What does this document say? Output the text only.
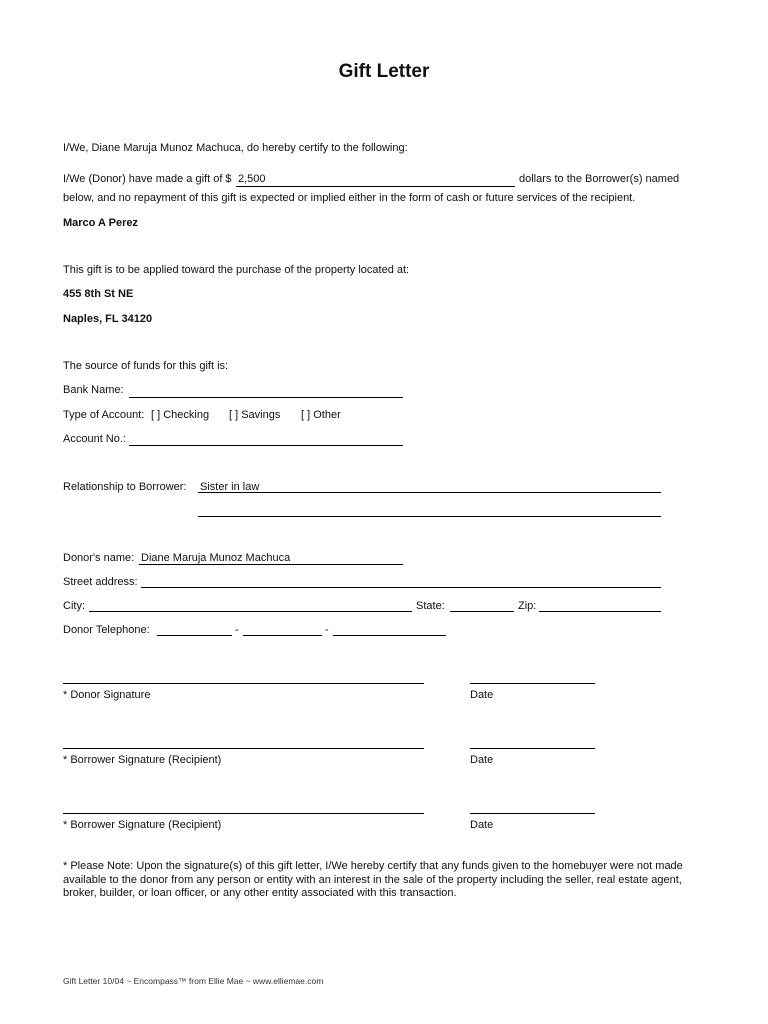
Gift Letter
I/We, Diane Maruja Munoz Machuca, do hereby certify to the following:
I/We (Donor) have made a gift of $ 2,500	dollars to the Borrower(s) named
below, and no repayment of this gift is expected or implied either in the form of cash or future services of the recipient.
Marco A Perez
This gift is to be applied toward the purchase of the property located at:
455 8th St NE
Naples, FL 34120
The source of funds for this gift is:
Bank Name:
Type of Account: [ ] Checking [ ] Savings [ ] Other
Account No.:
Relationship to Borrower: Sister in law
Donor's name: Diane Maruja Munoz Machuca
Street address:
City:	State:	Zip:
Donor Telephone:	-	-
* Donor Signature	Date
* Borrower Signature (Recipient)	Date
* Borrower Signature (Recipient)	Date
* Please Note: Upon the signature(s) of this gift letter, I/We hereby certify that any funds given to the homebuyer were not made available to the donor from any person or entity with an interest in the sale of the property including the seller, real estate agent, broker, builder, or loan officer, or any other entity associated with this transaction.
Gift Letter 10/04 ~ Encompass™ from Ellie Mae ~ www.elliemae.com
